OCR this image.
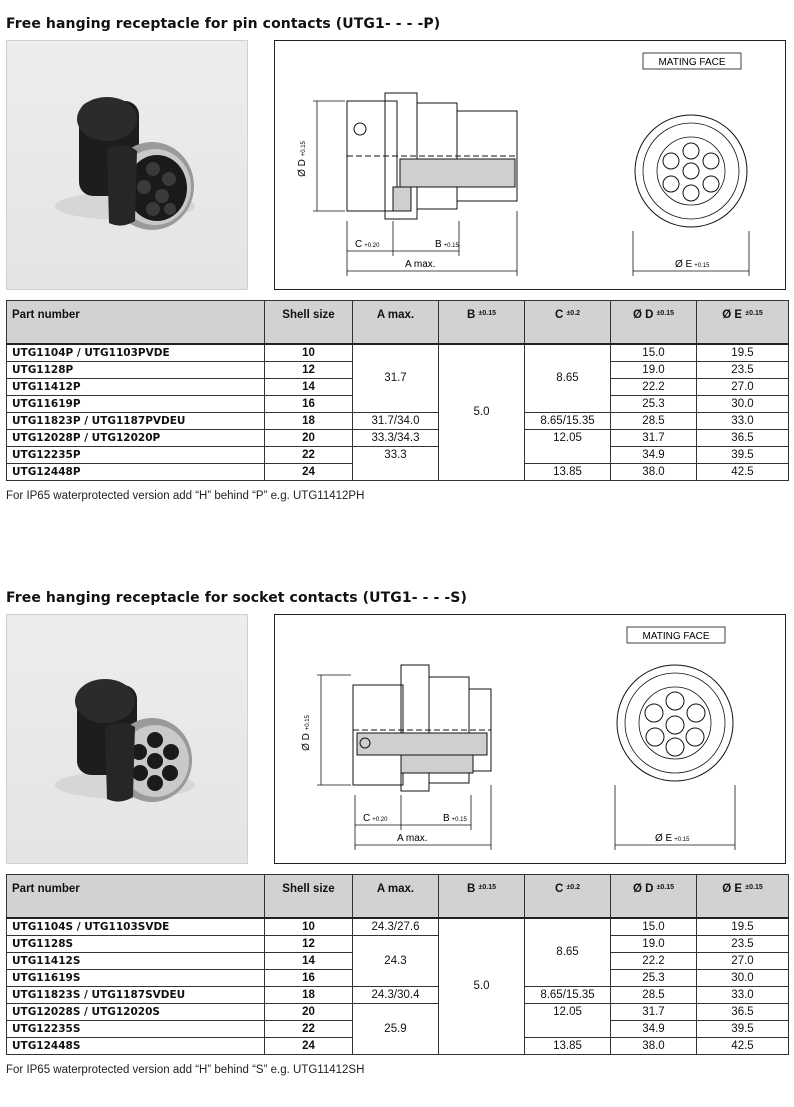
Free hanging receptacle for pin contacts (UTG1- - - -P)
Ø D +0.15
C +0.20	B +0.15
A max.
MATING FACE
Ø E +0.15
Part number	Shell size	A max.	B $^{\pm 0.15}$	C $^{\pm 0.2}$	Ø D $^{\pm 0.15}$	Ø E $^{\pm 0.15}$
UTG1104P / UTG1103PVDE	10	31.7	5.0	8.65	15.0	19.5
UTG1128P	12				19.0	23.5
UTG11412P	14				22.2	27.0
UTG11619P	16				25.3	30.0
UTG11823P / UTG1187PVDEU	18	31.7/34.0		8.65/15.35	28.5	33.0
UTG12028P / UTG12020P	20	33.3/34.3		12.05	31.7	36.5
UTG12235P	22	33.3			34.9	39.5
UTG12448P	24			13.85	38.0	42.5
For IP65 waterprotected version add “H” behind “P” e.g. UTG11412PH
Free hanging receptacle for socket contacts (UTG1- - - -S)
Ø D +0.15
C +0.20	B +0.15
A max.
MATING FACE
Ø E +0.15
Part number	Shell size	A max.	B $^{\pm 0.15}$	C $^{\pm 0.2}$	Ø D $^{\pm 0.15}$	Ø E $^{\pm 0.15}$
UTG1104S / UTG1103SVDE	10	24.3/27.6	5.0	8.65	15.0	19.5
UTG1128S	12	24.3			19.0	23.5
UTG11412S	14				22.2	27.0
UTG11619S	16				25.3	30.0
UTG11823S / UTG1187SVDEU	18	24.3/30.4		8.65/15.35	28.5	33.0
UTG12028S / UTG12020S	20	25.9		12.05	31.7	36.5
UTG12235S	22				34.9	39.5
UTG12448S	24			13.85	38.0	42.5
For IP65 waterprotected version add “H” behind “S” e.g. UTG11412SH
